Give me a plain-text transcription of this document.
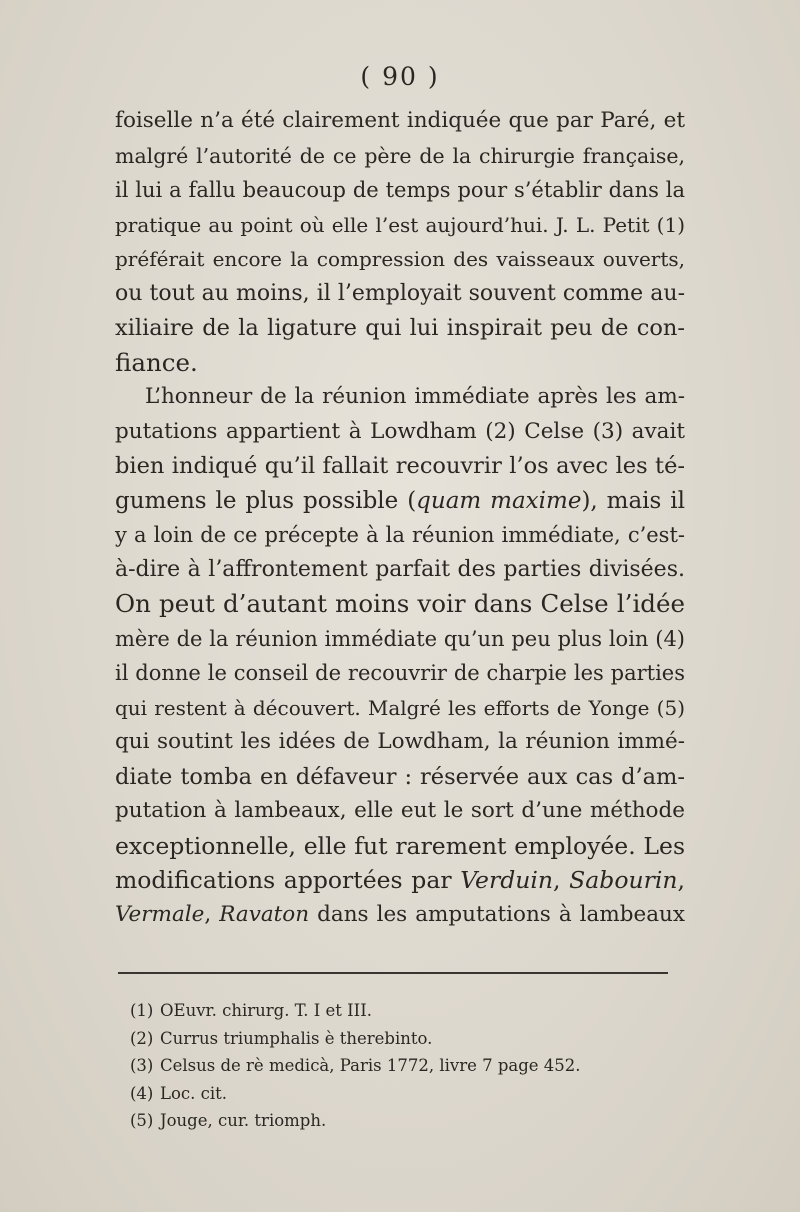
( 90 )
foiselle n’a été clairement indiquée que par Paré, et
malgré l’autorité de ce père de la chirurgie française,
il lui a fallu beaucoup de temps pour s’établir dans la
pratique au point où elle l’est aujourd’hui. J. L. Petit (1)
préférait encore la compression des vaisseaux ouverts,
ou tout au moins, il l’employait souvent comme au-
xiliaire de la ligature qui lui inspirait peu de con-
fiance.
L’honneur de la réunion immédiate après les am-
putations appartient à Lowdham (2) Celse (3) avait
bien indiqué qu’il fallait recouvrir l’os avec les té-
gumens le plus possible (quam maxime), mais il
y a loin de ce précepte à la réunion immédiate, c’est-
à-dire à l’affrontement parfait des parties divisées.
On peut d’autant moins voir dans Celse l’idée
mère de la réunion immédiate qu’un peu plus loin (4)
il donne le conseil de recouvrir de charpie les parties
qui restent à découvert. Malgré les efforts de Yonge (5)
qui soutint les idées de Lowdham, la réunion immé-
diate tomba en défaveur : réservée aux cas d’am-
putation à lambeaux, elle eut le sort d’une méthode
exceptionnelle, elle fut rarement employée. Les
modifications apportées par Verduin, Sabourin,
Vermale, Ravaton dans les amputations à lambeaux
(1) OEuvr. chirurg. T. I et III.
(2) Currus triumphalis è therebinto.
(3) Celsus de rè medicà, Paris 1772, livre 7 page 452.
(4) Loc. cit.
(5) Jouge, cur. triomph.
